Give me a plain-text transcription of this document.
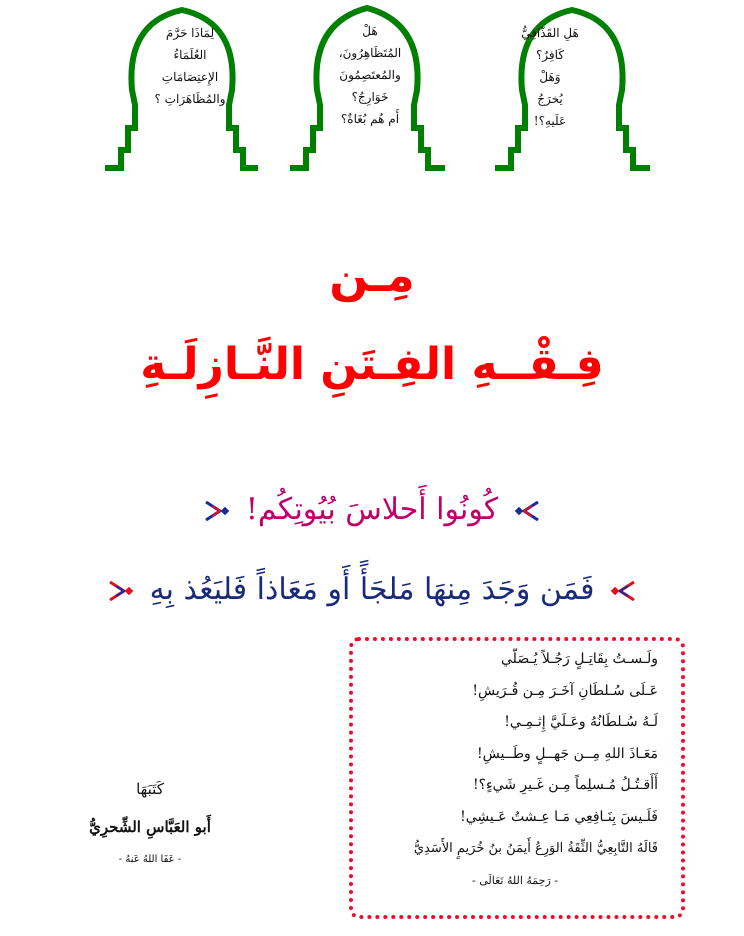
هَلِ القَذّافِيُّ
كَافِرٌ؟
وَهَلْ
يُخرَجُ
عَلَيهِ؟!
هَلْ
المُتَظَاهِرُونَ،
والمُعتَصِمُونَ
خَوَارِجُ؟
أَم هُم بُغَاةٌ؟
لِمَاذَا حَرَّمَ
العُلَمَاءُ
الإِعتِصَامَاتِ
والمُظَاهَرَاتِ ؟
مِـن
فِـقْــهِ الفِـتَنِ النَّـازِلَـةِ
كُونُوا أَحلاسَ بُيُوتِكُم!
فَمَن وَجَدَ مِنهَا مَلجَأً أَو مَعَاذاً فَليَعُذ بِهِ
ولَـسـتُ بِقَاتِـلٍ رَجُـلاً يُـصَلّي
عَـلَى سُـلطَانِ آخَـرَ مِـن قُـرَيشِ!
لَـهُ سُـلطَانُهُ وعَـلَيَّ إِثـمِـي!
مَعَـاذَ اللهِ مِــن جَهــلٍ وطَــيشِ!
أَأَقـتُـلُ مُـسلِماً مِـن غَـيرِ شَيءٍ؟!
فَلَـيسَ بِنَـافِعِي مَـا عِـشتُ عَـيشِي!
قَالَهُ التَّابِعِيُّ الثِّقَةُ الوَرِعُ أَيمَنُ بنُ خُرَيمٍ الأَسَدِيُّ
- رَحِمَهُ اللهُ تَعَالَى -
كَتَبَهَا
أَبو العَبَّاسِ الشِّحرِيُّ
- عَفَا اللهُ عَنهُ -
